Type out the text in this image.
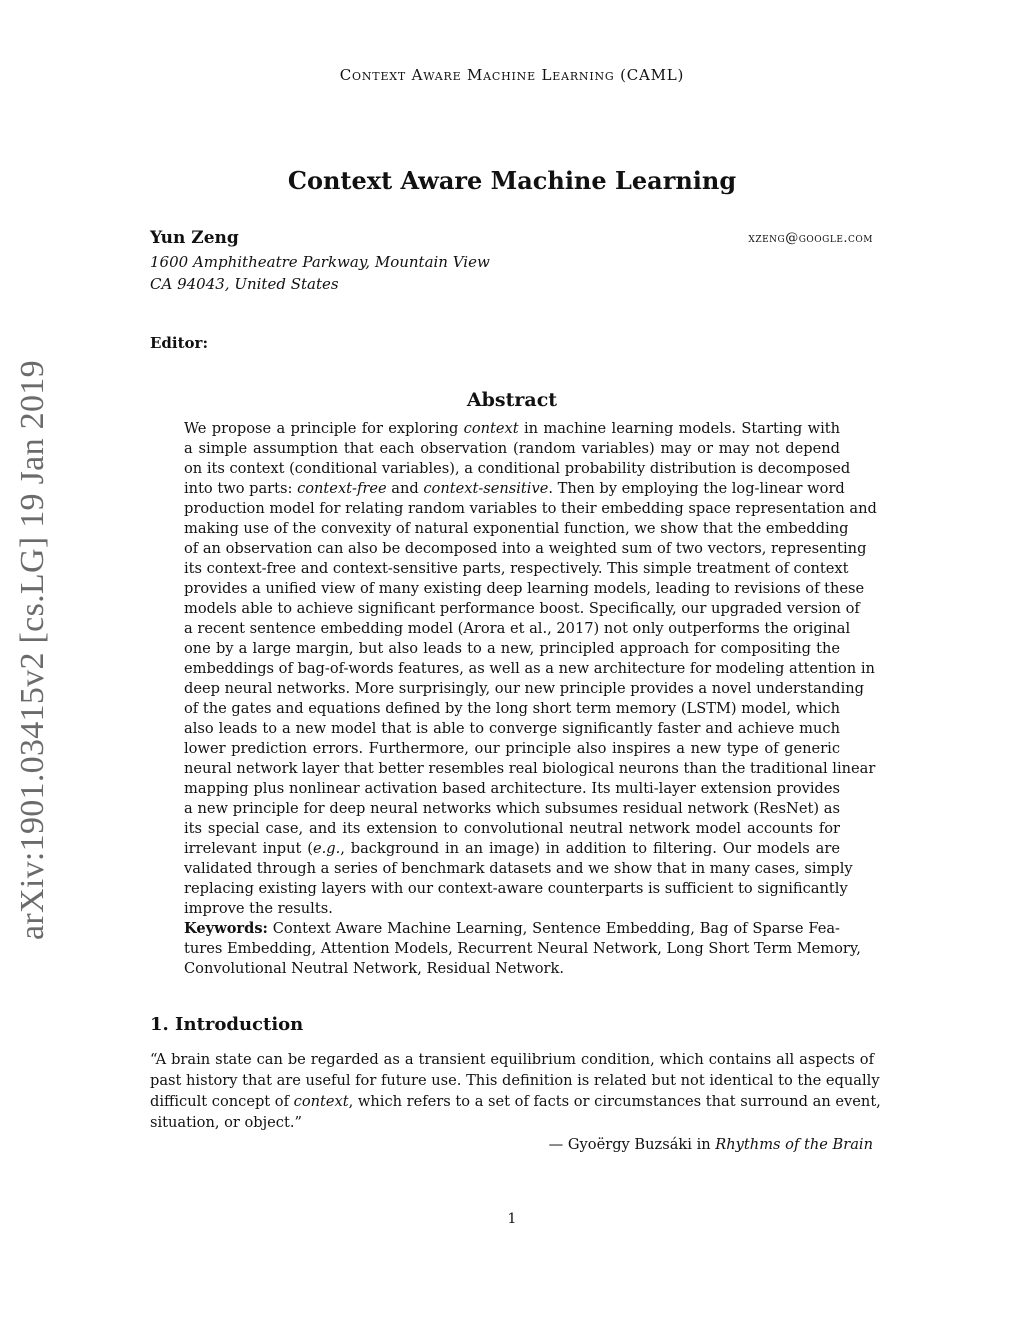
arXiv:1901.03415v2 [cs.LG] 19 Jan 2019
Context Aware Machine Learning (CAML)
Context Aware Machine Learning
Yun Zeng	xzeng@google.com
1600 Amphitheatre Parkway, Mountain View
CA 94043, United States
Editor:
Abstract
We propose a principle for exploring context in machine learning models. Starting with
a simple assumption that each observation (random variables) may or may not depend
on its context (conditional variables), a conditional probability distribution is decomposed
into two parts: context-free and context-sensitive. Then by employing the log-linear word
production model for relating random variables to their embedding space representation and
making use of the convexity of natural exponential function, we show that the embedding
of an observation can also be decomposed into a weighted sum of two vectors, representing
its context-free and context-sensitive parts, respectively. This simple treatment of context
provides a unified view of many existing deep learning models, leading to revisions of these
models able to achieve significant performance boost. Specifically, our upgraded version of
a recent sentence embedding model (Arora et al., 2017) not only outperforms the original
one by a large margin, but also leads to a new, principled approach for compositing the
embeddings of bag-of-words features, as well as a new architecture for modeling attention in
deep neural networks. More surprisingly, our new principle provides a novel understanding
of the gates and equations defined by the long short term memory (LSTM) model, which
also leads to a new model that is able to converge significantly faster and achieve much
lower prediction errors. Furthermore, our principle also inspires a new type of generic
neural network layer that better resembles real biological neurons than the traditional linear
mapping plus nonlinear activation based architecture. Its multi-layer extension provides
a new principle for deep neural networks which subsumes residual network (ResNet) as
its special case, and its extension to convolutional neutral network model accounts for
irrelevant input (e.g., background in an image) in addition to filtering. Our models are
validated through a series of benchmark datasets and we show that in many cases, simply
replacing existing layers with our context-aware counterparts is sufficient to significantly
improve the results.
Keywords: Context Aware Machine Learning, Sentence Embedding, Bag of Sparse Fea-
tures Embedding, Attention Models, Recurrent Neural Network, Long Short Term Memory,
Convolutional Neutral Network, Residual Network.
1. Introduction
“A brain state can be regarded as a transient equilibrium condition, which contains all aspects of
past history that are useful for future use. This definition is related but not identical to the equally
difficult concept of context, which refers to a set of facts or circumstances that surround an event,
situation, or object.”
— Gyoërgy Buzsáki in Rhythms of the Brain
1
